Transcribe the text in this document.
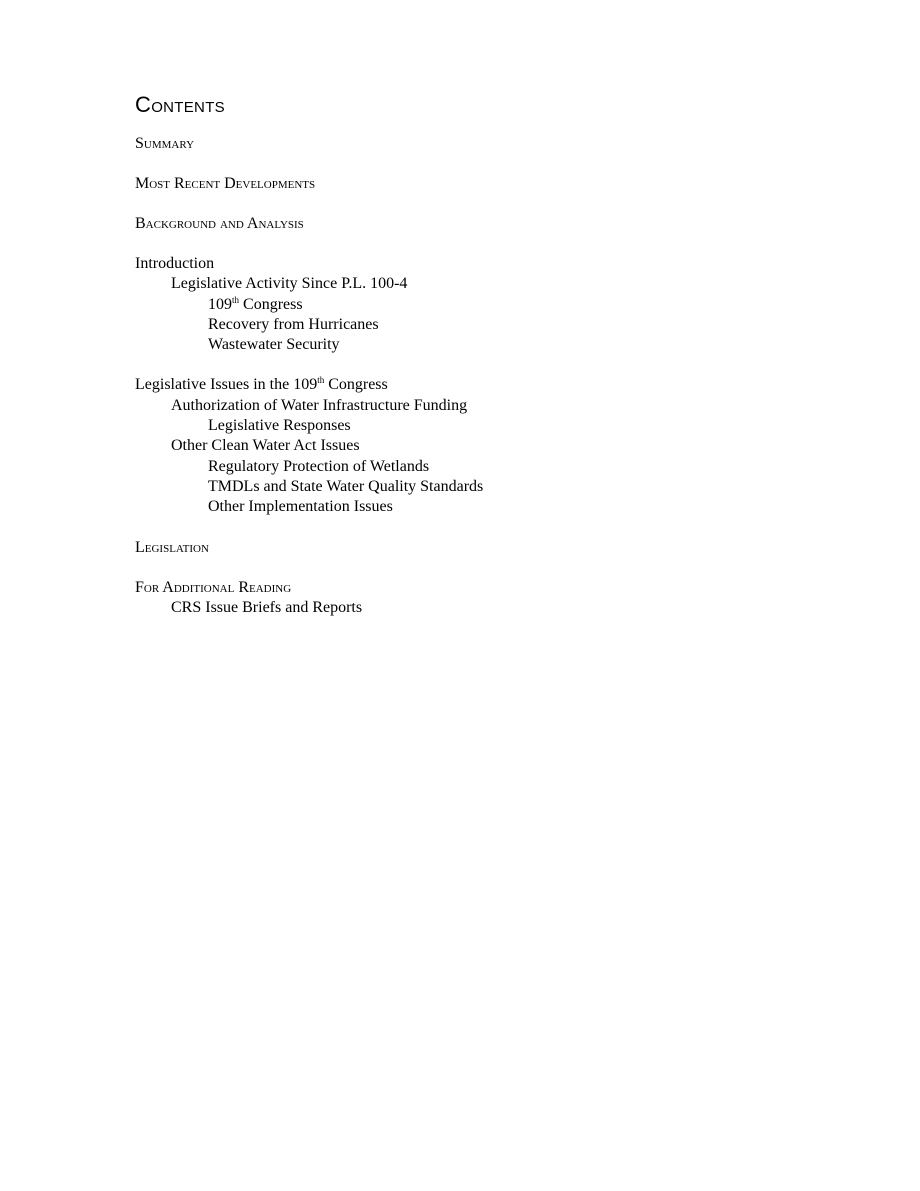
Contents
Summary
Most Recent Developments
Background and Analysis
Introduction
Legislative Activity Since P.L. 100-4
109th Congress
Recovery from Hurricanes
Wastewater Security
Legislative Issues in the 109th Congress
Authorization of Water Infrastructure Funding
Legislative Responses
Other Clean Water Act Issues
Regulatory Protection of Wetlands
TMDLs and State Water Quality Standards
Other Implementation Issues
Legislation
For Additional Reading
CRS Issue Briefs and Reports
